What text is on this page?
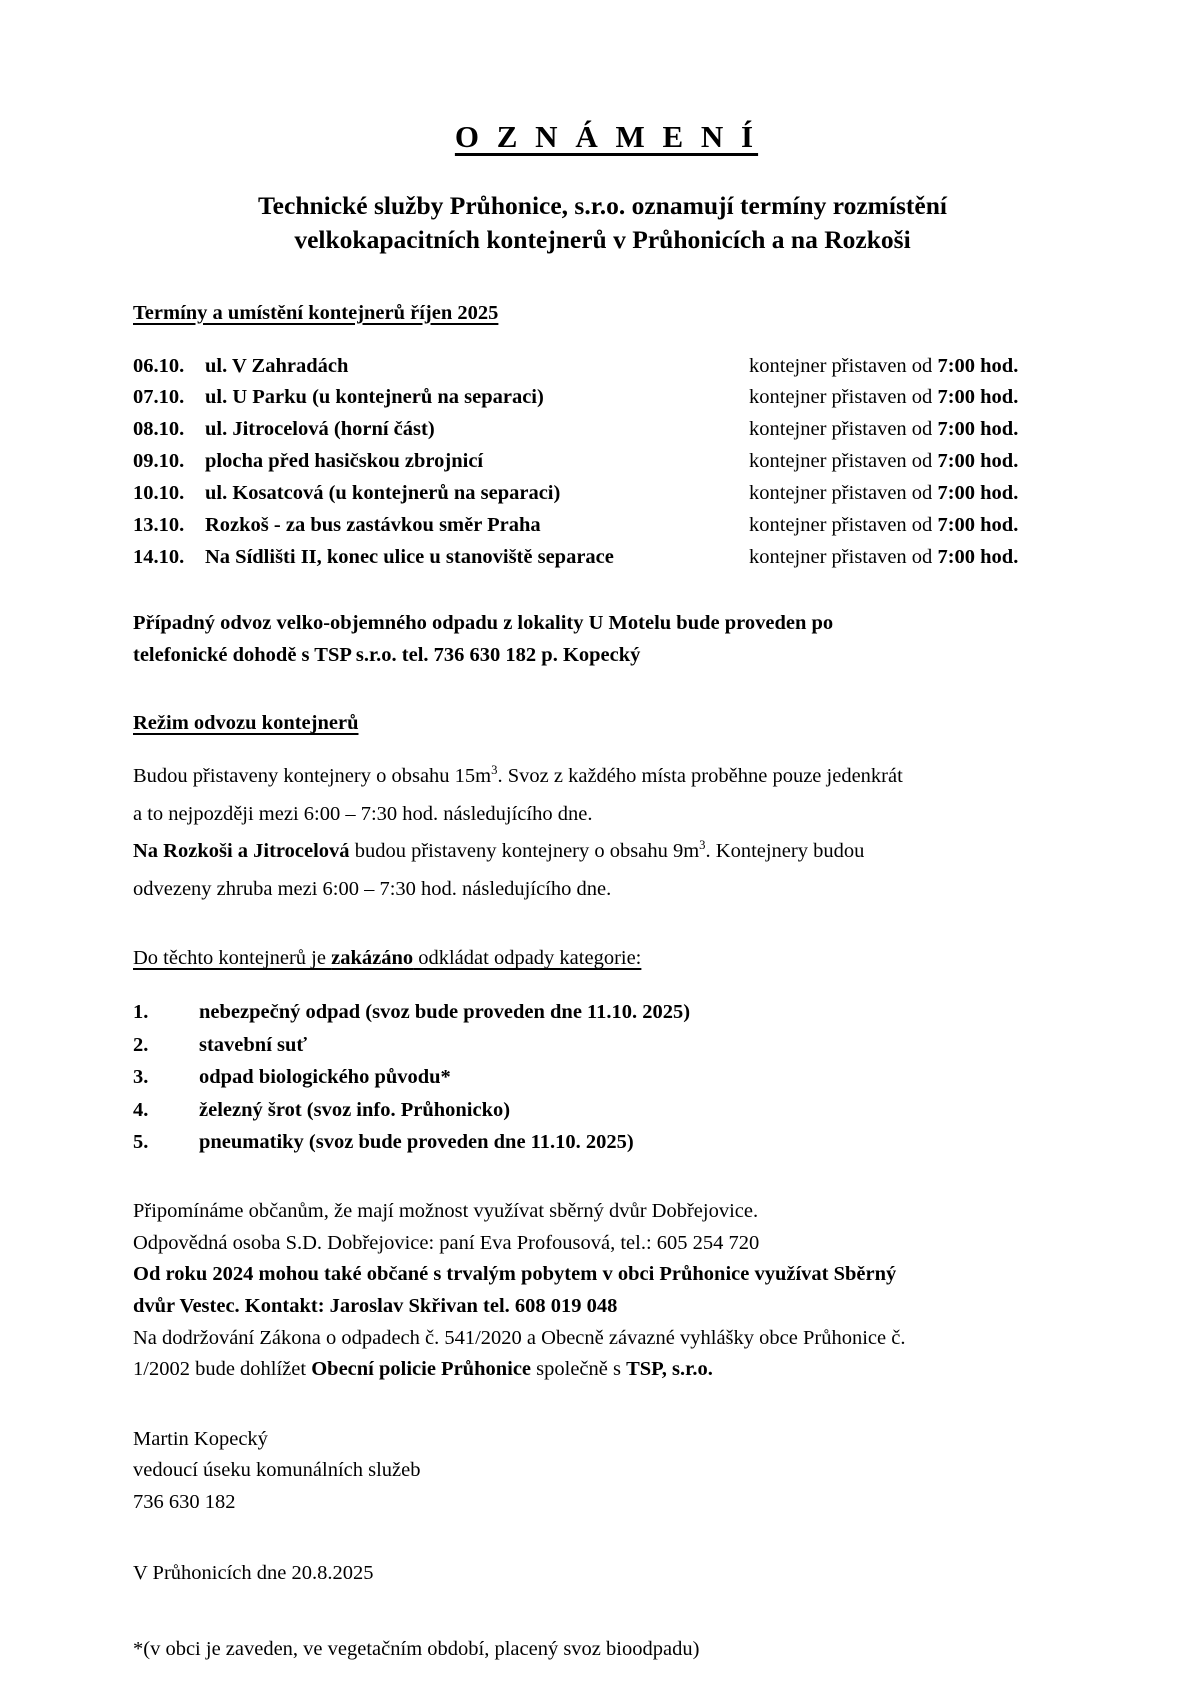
O Z N Á M E N Í
Technické služby Průhonice, s.r.o. oznamují termíny rozmístění
velkokapacitních kontejnerů v Průhonicích a na Rozkoši
Termíny a umístění kontejnerů říjen 2025
06.10.	ul. V Zahradách	kontejner přistaven od 7:00 hod.
07.10.	ul. U Parku (u kontejnerů na separaci)	kontejner přistaven od 7:00 hod.
08.10.	ul. Jitrocelová (horní část)	kontejner přistaven od 7:00 hod.
09.10.	plocha před hasičskou zbrojnicí	kontejner přistaven od 7:00 hod.
10.10.	ul. Kosatcová (u kontejnerů na separaci)	kontejner přistaven od 7:00 hod.
13.10.	Rozkoš - za bus zastávkou směr Praha	kontejner přistaven od 7:00 hod.
14.10.	Na Sídlišti II, konec ulice u stanoviště separace	kontejner přistaven od 7:00 hod.
Případný odvoz velko-objemného odpadu z lokality U Motelu bude proveden po
telefonické dohodě s TSP s.r.o. tel. 736 630 182 p. Kopecký
Režim odvozu kontejnerů
Budou přistaveny kontejnery o obsahu $15m^3$. Svoz z každého místa proběhne pouze jedenkrát
a to nejpozději mezi 6:00 – 7:30 hod. následujícího dne.
Na Rozkoši a Jitrocelová budou přistaveny kontejnery o obsahu $9m^3$. Kontejnery budou
odvezeny zhruba mezi 6:00 – 7:30 hod. následujícího dne.
Do těchto kontejnerů je zakázáno odkládat odpady kategorie:
1.	nebezpečný odpad (svoz bude proveden dne 11.10. 2025)
2.	stavební suť
3.	odpad biologického původu*
4.	železný šrot (svoz info. Průhonicko)
5.	pneumatiky (svoz bude proveden dne 11.10. 2025)
Připomínáme občanům, že mají možnost využívat sběrný dvůr Dobřejovice.
Odpovědná osoba S.D. Dobřejovice: paní Eva Profousová, tel.: 605 254 720
Od roku 2024 mohou také občané s trvalým pobytem v obci Průhonice využívat Sběrný
dvůr Vestec. Kontakt: Jaroslav Skřivan tel. 608 019 048
Na dodržování Zákona o odpadech č. 541/2020 a Obecně závazné vyhlášky obce Průhonice č.
1/2002 bude dohlížet Obecní policie Průhonice společně s TSP, s.r.o.
Martin Kopecký
vedoucí úseku komunálních služeb
736 630 182
V Průhonicích dne 20.8.2025
*(v obci je zaveden, ve vegetačním období, placený svoz bioodpadu)
